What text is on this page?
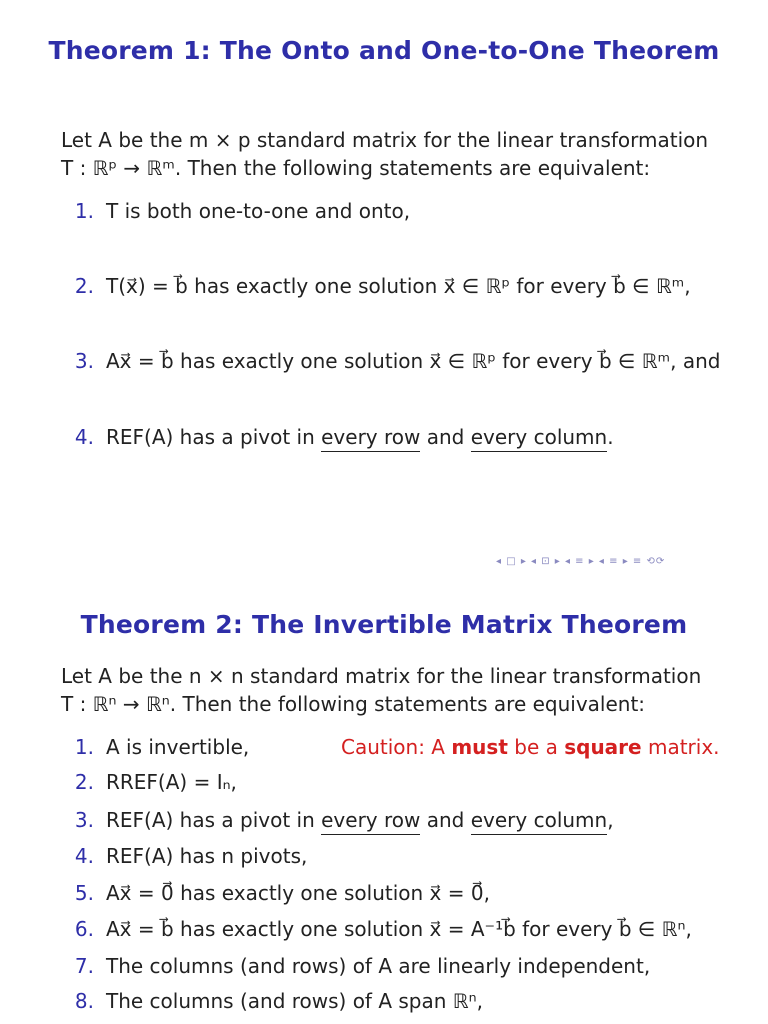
Theorem 1: The Onto and One-to-One Theorem
Let A be the m × p standard matrix for the linear transformation
T : ℝᵖ → ℝᵐ. Then the following statements are equivalent:
1. T is both one-to-one and onto,
2. T(x⃗) = b⃗ has exactly one solution x⃗ ∈ ℝᵖ for every b⃗ ∈ ℝᵐ,
3. Ax⃗ = b⃗ has exactly one solution x⃗ ∈ ℝᵖ for every b⃗ ∈ ℝᵐ, and
4. REF(A) has a pivot in every row and every column.
◂ □ ▸ ◂ ⊡ ▸ ◂ ≡ ▸ ◂ ≡ ▸ ≡ ⟲⟳
Theorem 2: The Invertible Matrix Theorem
Let A be the n × n standard matrix for the linear transformation
T : ℝⁿ → ℝⁿ. Then the following statements are equivalent:
1. A is invertible,	Caution: A must be a square matrix.
2. RREF(A) = Iₙ,
3. REF(A) has a pivot in every row and every column,
4. REF(A) has n pivots,
5. Ax⃗ = 0⃗ has exactly one solution x⃗ = 0⃗,
6. Ax⃗ = b⃗ has exactly one solution x⃗ = A⁻¹b⃗ for every b⃗ ∈ ℝⁿ,
7. The columns (and rows) of A are linearly independent,
8. The columns (and rows) of A span ℝⁿ,
